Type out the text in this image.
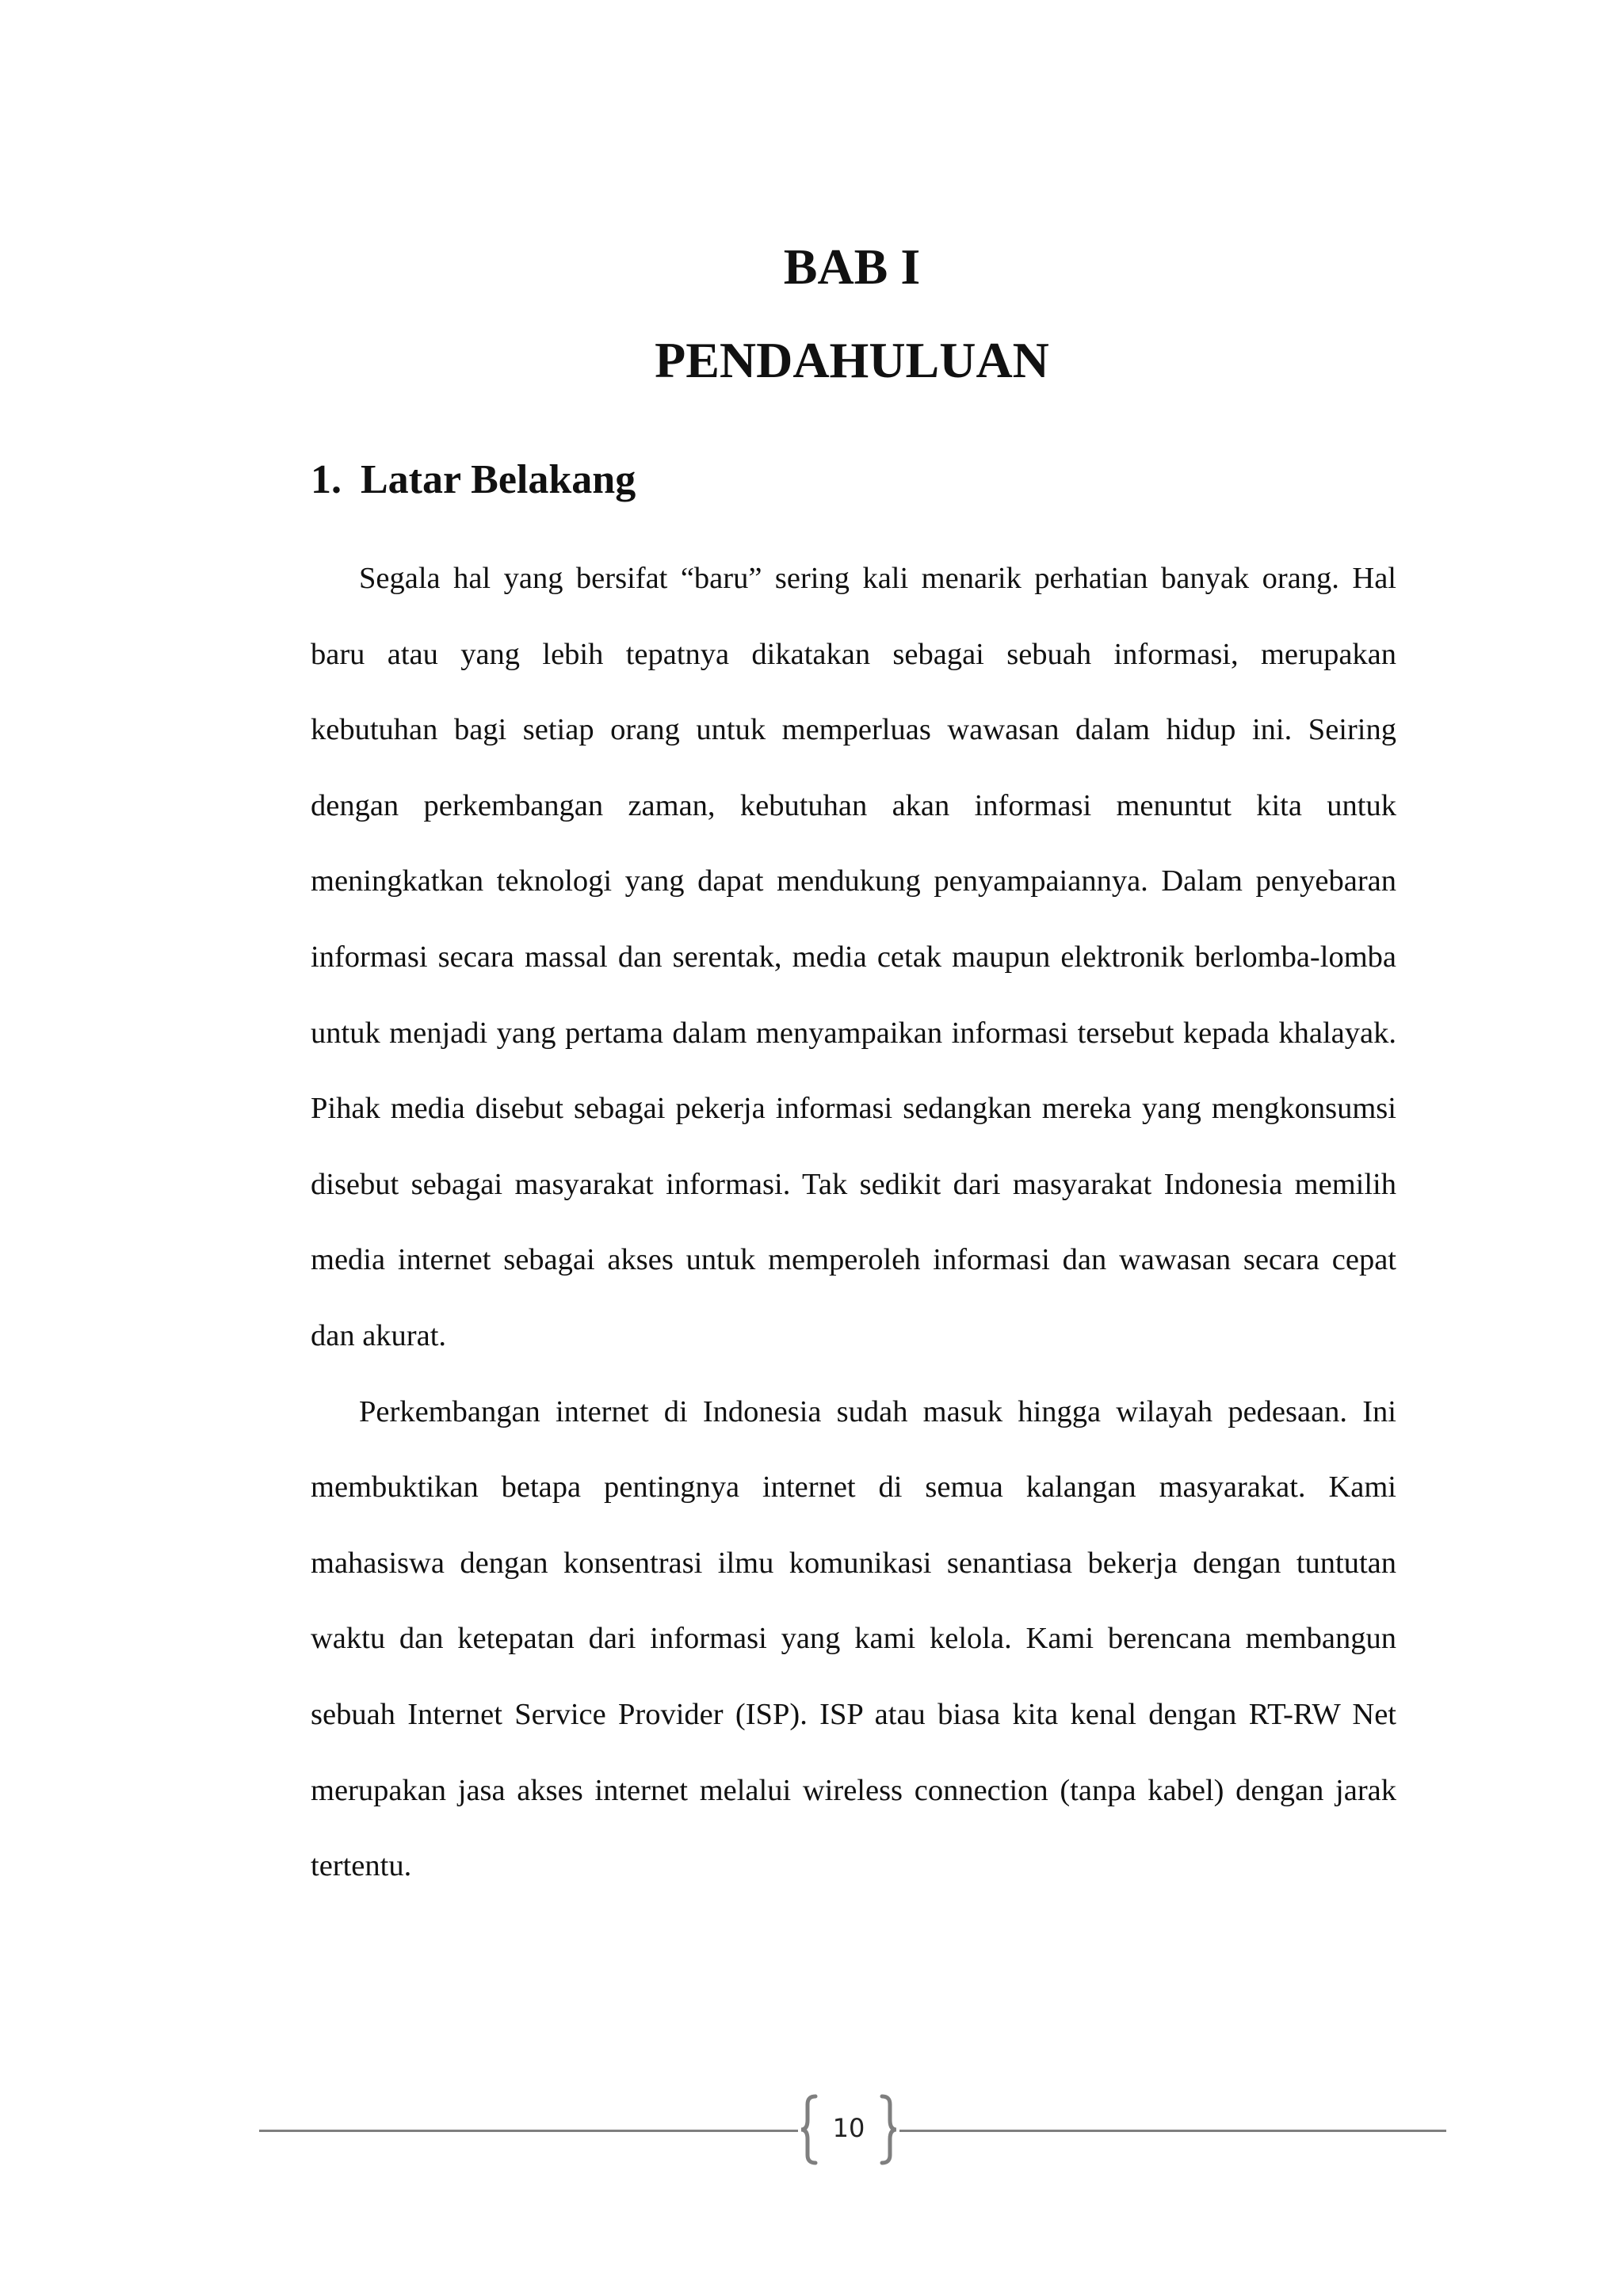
BAB I
PENDAHULUAN
1. Latar Belakang

Segala hal yang bersifat “baru” sering kali menarik perhatian banyak orang. Hal baru atau yang lebih tepatnya dikatakan sebagai sebuah informasi, merupakan kebutuhan bagi setiap orang untuk memperluas wawasan dalam hidup ini. Seiring dengan perkembangan zaman, kebutuhan akan informasi menuntut kita untuk meningkatkan teknologi yang dapat mendukung penyampaiannya. Dalam penyebaran informasi secara massal dan serentak, media cetak maupun elektronik berlomba-lomba untuk menjadi yang pertama dalam menyampaikan informasi tersebut kepada khalayak. Pihak media disebut sebagai pekerja informasi sedangkan mereka yang mengkonsumsi disebut sebagai masyarakat informasi. Tak sedikit dari masyarakat Indonesia memilih media internet sebagai akses untuk memperoleh informasi dan wawasan secara cepat dan akurat.

Perkembangan internet di Indonesia sudah masuk hingga wilayah pedesaan. Ini membuktikan betapa pentingnya internet di semua kalangan masyarakat. Kami mahasiswa dengan konsentrasi ilmu komunikasi senantiasa bekerja dengan tuntutan waktu dan ketepatan dari informasi yang kami kelola. Kami berencana membangun sebuah Internet Service Provider (ISP). ISP atau biasa kita kenal dengan RT-RW Net merupakan jasa akses internet melalui wireless connection (tanpa kabel) dengan jarak tertentu.

10
